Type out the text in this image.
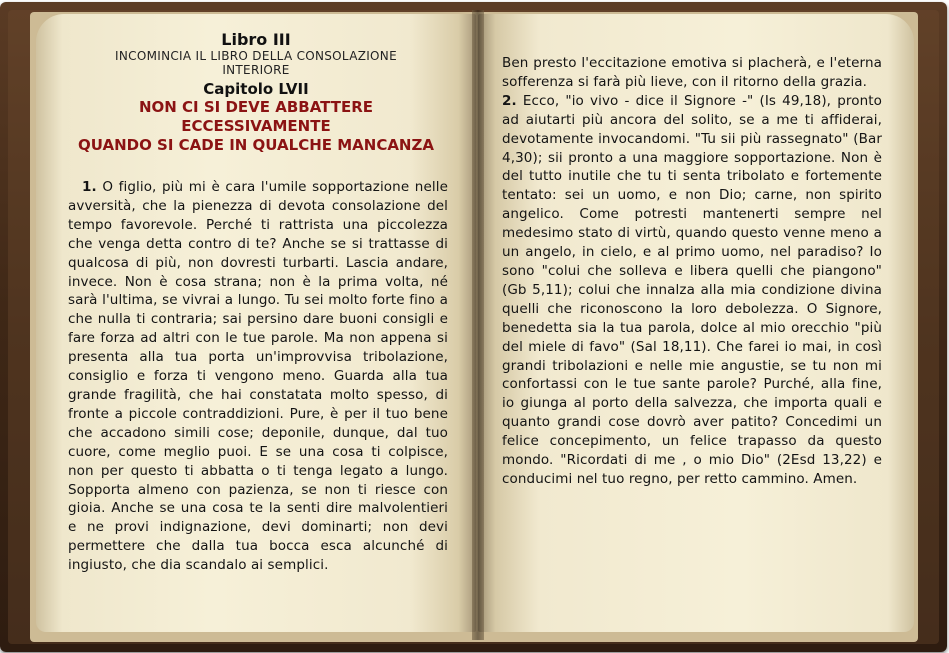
Libro III
INCOMINCIA IL LIBRO DELLA CONSOLAZIONE
INTERIORE
Capitolo LVII
NON CI SI DEVE ABBATTERE
ECCESSIVAMENTE
QUANDO SI CADE IN QUALCHE MANCANZA
1. O figlio, più mi è cara l'umile sopportazione nelle avversità, che la pienezza di devota consolazione del tempo favorevole. Perché ti rattrista una piccolezza che venga detta contro di te? Anche se si trattasse di qualcosa di più, non dovresti turbarti. Lascia andare, invece. Non è cosa strana; non è la prima volta, né sarà l'ultima, se vivrai a lungo. Tu sei molto forte fino a che nulla ti contraria; sai persino dare buoni consigli e fare forza ad altri con le tue parole. Ma non appena si presenta alla tua porta un'improvvisa tribolazione, consiglio e forza ti vengono meno. Guarda alla tua grande fragilità, che hai constatata molto spesso, di fronte a piccole contraddizioni. Pure, è per il tuo bene che accadono simili cose; deponile, dunque, dal tuo cuore, come meglio puoi. E se una cosa ti colpisce, non per questo ti abbatta o ti tenga legato a lungo. Sopporta almeno con pazienza, se non ti riesce con gioia. Anche se una cosa te la senti dire malvolentieri e ne provi indignazione, devi dominarti; non devi permettere che dalla tua bocca esca alcunché di ingiusto, che dia scandalo ai semplici.

Ben presto l'eccitazione emotiva si placherà, e l'eterna sofferenza si farà più lieve, con il ritorno della grazia.

2. Ecco, "io vivo - dice il Signore -" (Is 49,18), pronto ad aiutarti più ancora del solito, se a me ti affiderai, devotamente invocandomi. "Tu sii più rassegnato" (Bar 4,30); sii pronto a una maggiore sopportazione. Non è del tutto inutile che tu ti senta tribolato e fortemente tentato: sei un uomo, e non Dio; carne, non spirito angelico. Come potresti mantenerti sempre nel medesimo stato di virtù, quando questo venne meno a un angelo, in cielo, e al primo uomo, nel paradiso? Io sono "colui che solleva e libera quelli che piangono" (Gb 5,11); colui che innalza alla mia condizione divina quelli che riconoscono la loro debolezza. O Signore, benedetta sia la tua parola, dolce al mio orecchio "più del miele di favo" (Sal 18,11). Che farei io mai, in così grandi tribolazioni e nelle mie angustie, se tu non mi confortassi con le tue sante parole? Purché, alla fine, io giunga al porto della salvezza, che importa quali e quanto grandi cose dovrò aver patito? Concedimi un felice concepimento, un felice trapasso da questo mondo. "Ricordati di me , o mio Dio" (2Esd 13,22) e conducimi nel tuo regno, per retto cammino. Amen.
